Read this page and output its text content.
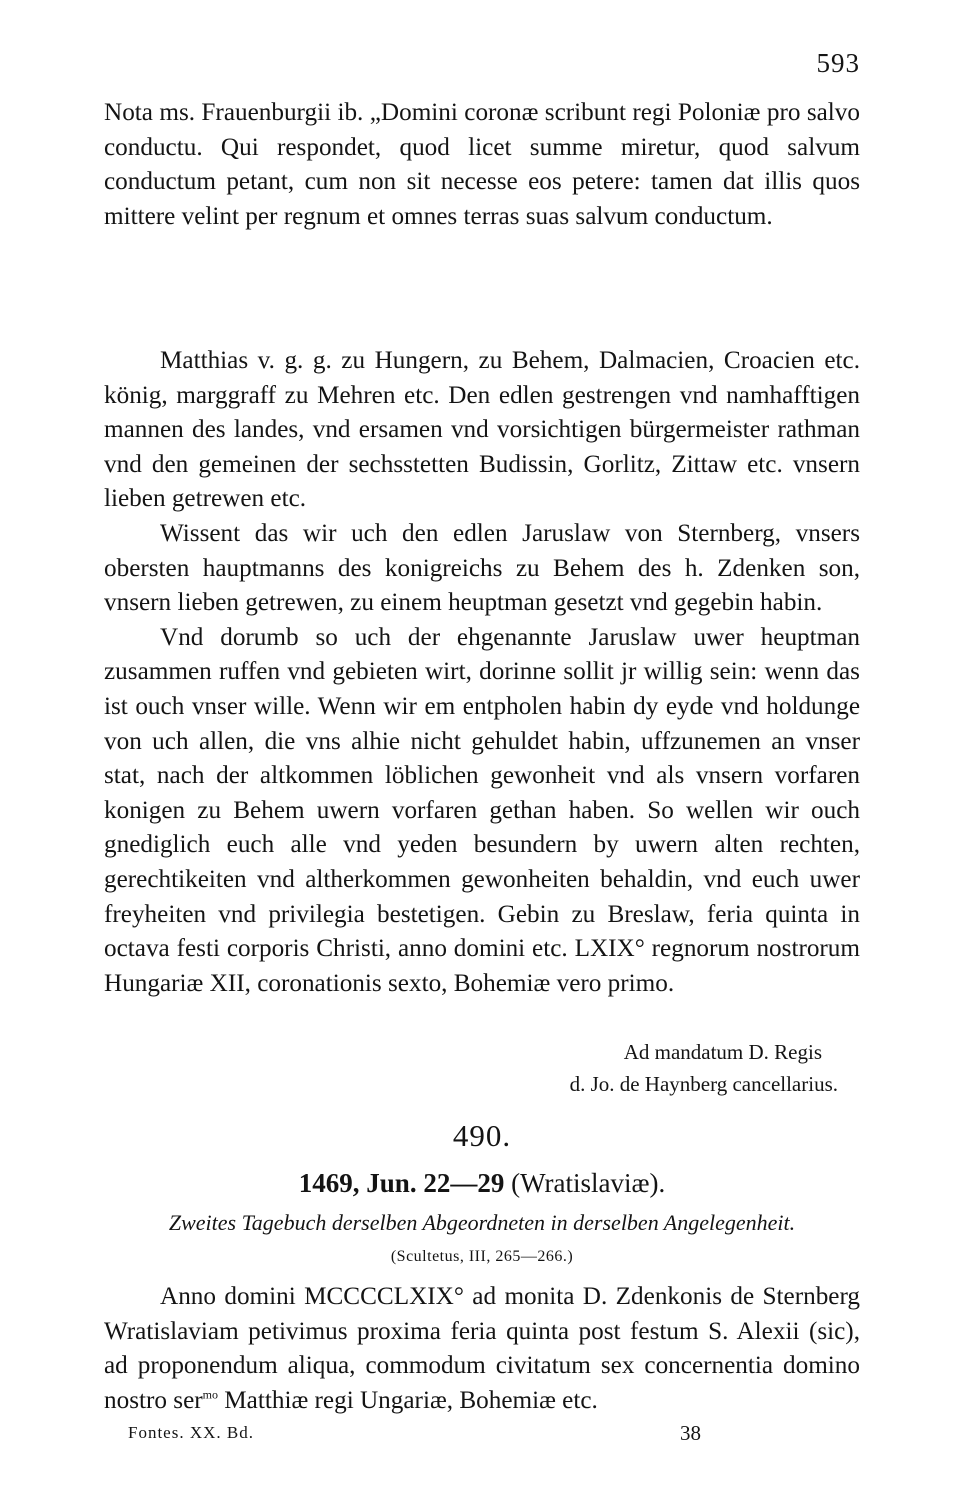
593

Nota ms. Frauenburgii ib. „Domini coronæ scribunt regi Poloniæ pro salvo conductu. Qui respondet, quod licet summe miretur, quod salvum conductum petant, cum non sit necesse eos petere: tamen dat illis quos mittere velint per regnum et omnes terras suas salvum conductum.

Matthias v. g. g. zu Hungern, zu Behem, Dalmacien, Croacien etc. könig, marggraff zu Mehren etc. Den edlen gestrengen vnd namhafftigen mannen des landes, vnd ersamen vnd vorsichtigen bürgermeister rathman vnd den gemeinen der sechsstetten Budissin, Gorlitz, Zittaw etc. vnsern lieben getrewen etc.

Wissent das wir uch den edlen Jaruslaw von Sternberg, vnsers obersten hauptmanns des konigreichs zu Behem des h. Zdenken son, vnsern lieben getrewen, zu einem heuptman gesetzt vnd gegebin habin.

Vnd dorumb so uch der ehgenannte Jaruslaw uwer heuptman zusammen ruffen vnd gebieten wirt, dorinne sollit jr willig sein: wenn das ist ouch vnser wille. Wenn wir em entpholen habin dy eyde vnd holdunge von uch allen, die vns alhie nicht gehuldet habin, uffzunemen an vnser stat, nach der altkommen löblichen gewonheit vnd als vnsern vorfaren konigen zu Behem uwern vorfaren gethan haben. So wellen wir ouch gnediglich euch alle vnd yeden besundern by uwern alten rechten, gerechtikeiten vnd altherkommen gewonheiten behaldin, vnd euch uwer freyheiten vnd privilegia bestetigen. Gebin zu Breslaw, feria quinta in octava festi corporis Christi, anno domini etc. LXIX° regnorum nostrorum Hungariæ XII, coronationis sexto, Bohemiæ vero primo.

Ad mandatum D. Regis
d. Jo. de Haynberg cancellarius.
490.
1469, Jun. 22—29 (Wratislaviæ).
Zweites Tagebuch derselben Abgeordneten in derselben Angelegenheit.
(Scultetus, III, 265—266.)

Anno domini MCCCCLXIX° ad monita D. Zdenkonis de Sternberg Wratislaviam petivimus proxima feria quinta post festum S. Alexii (sic), ad proponendum aliqua, commodum civitatum sex concernentia domino nostro ser$^{mo}$ Matthiæ regi Ungariæ, Bohemiæ etc.

Fontes. XX. Bd.	38
